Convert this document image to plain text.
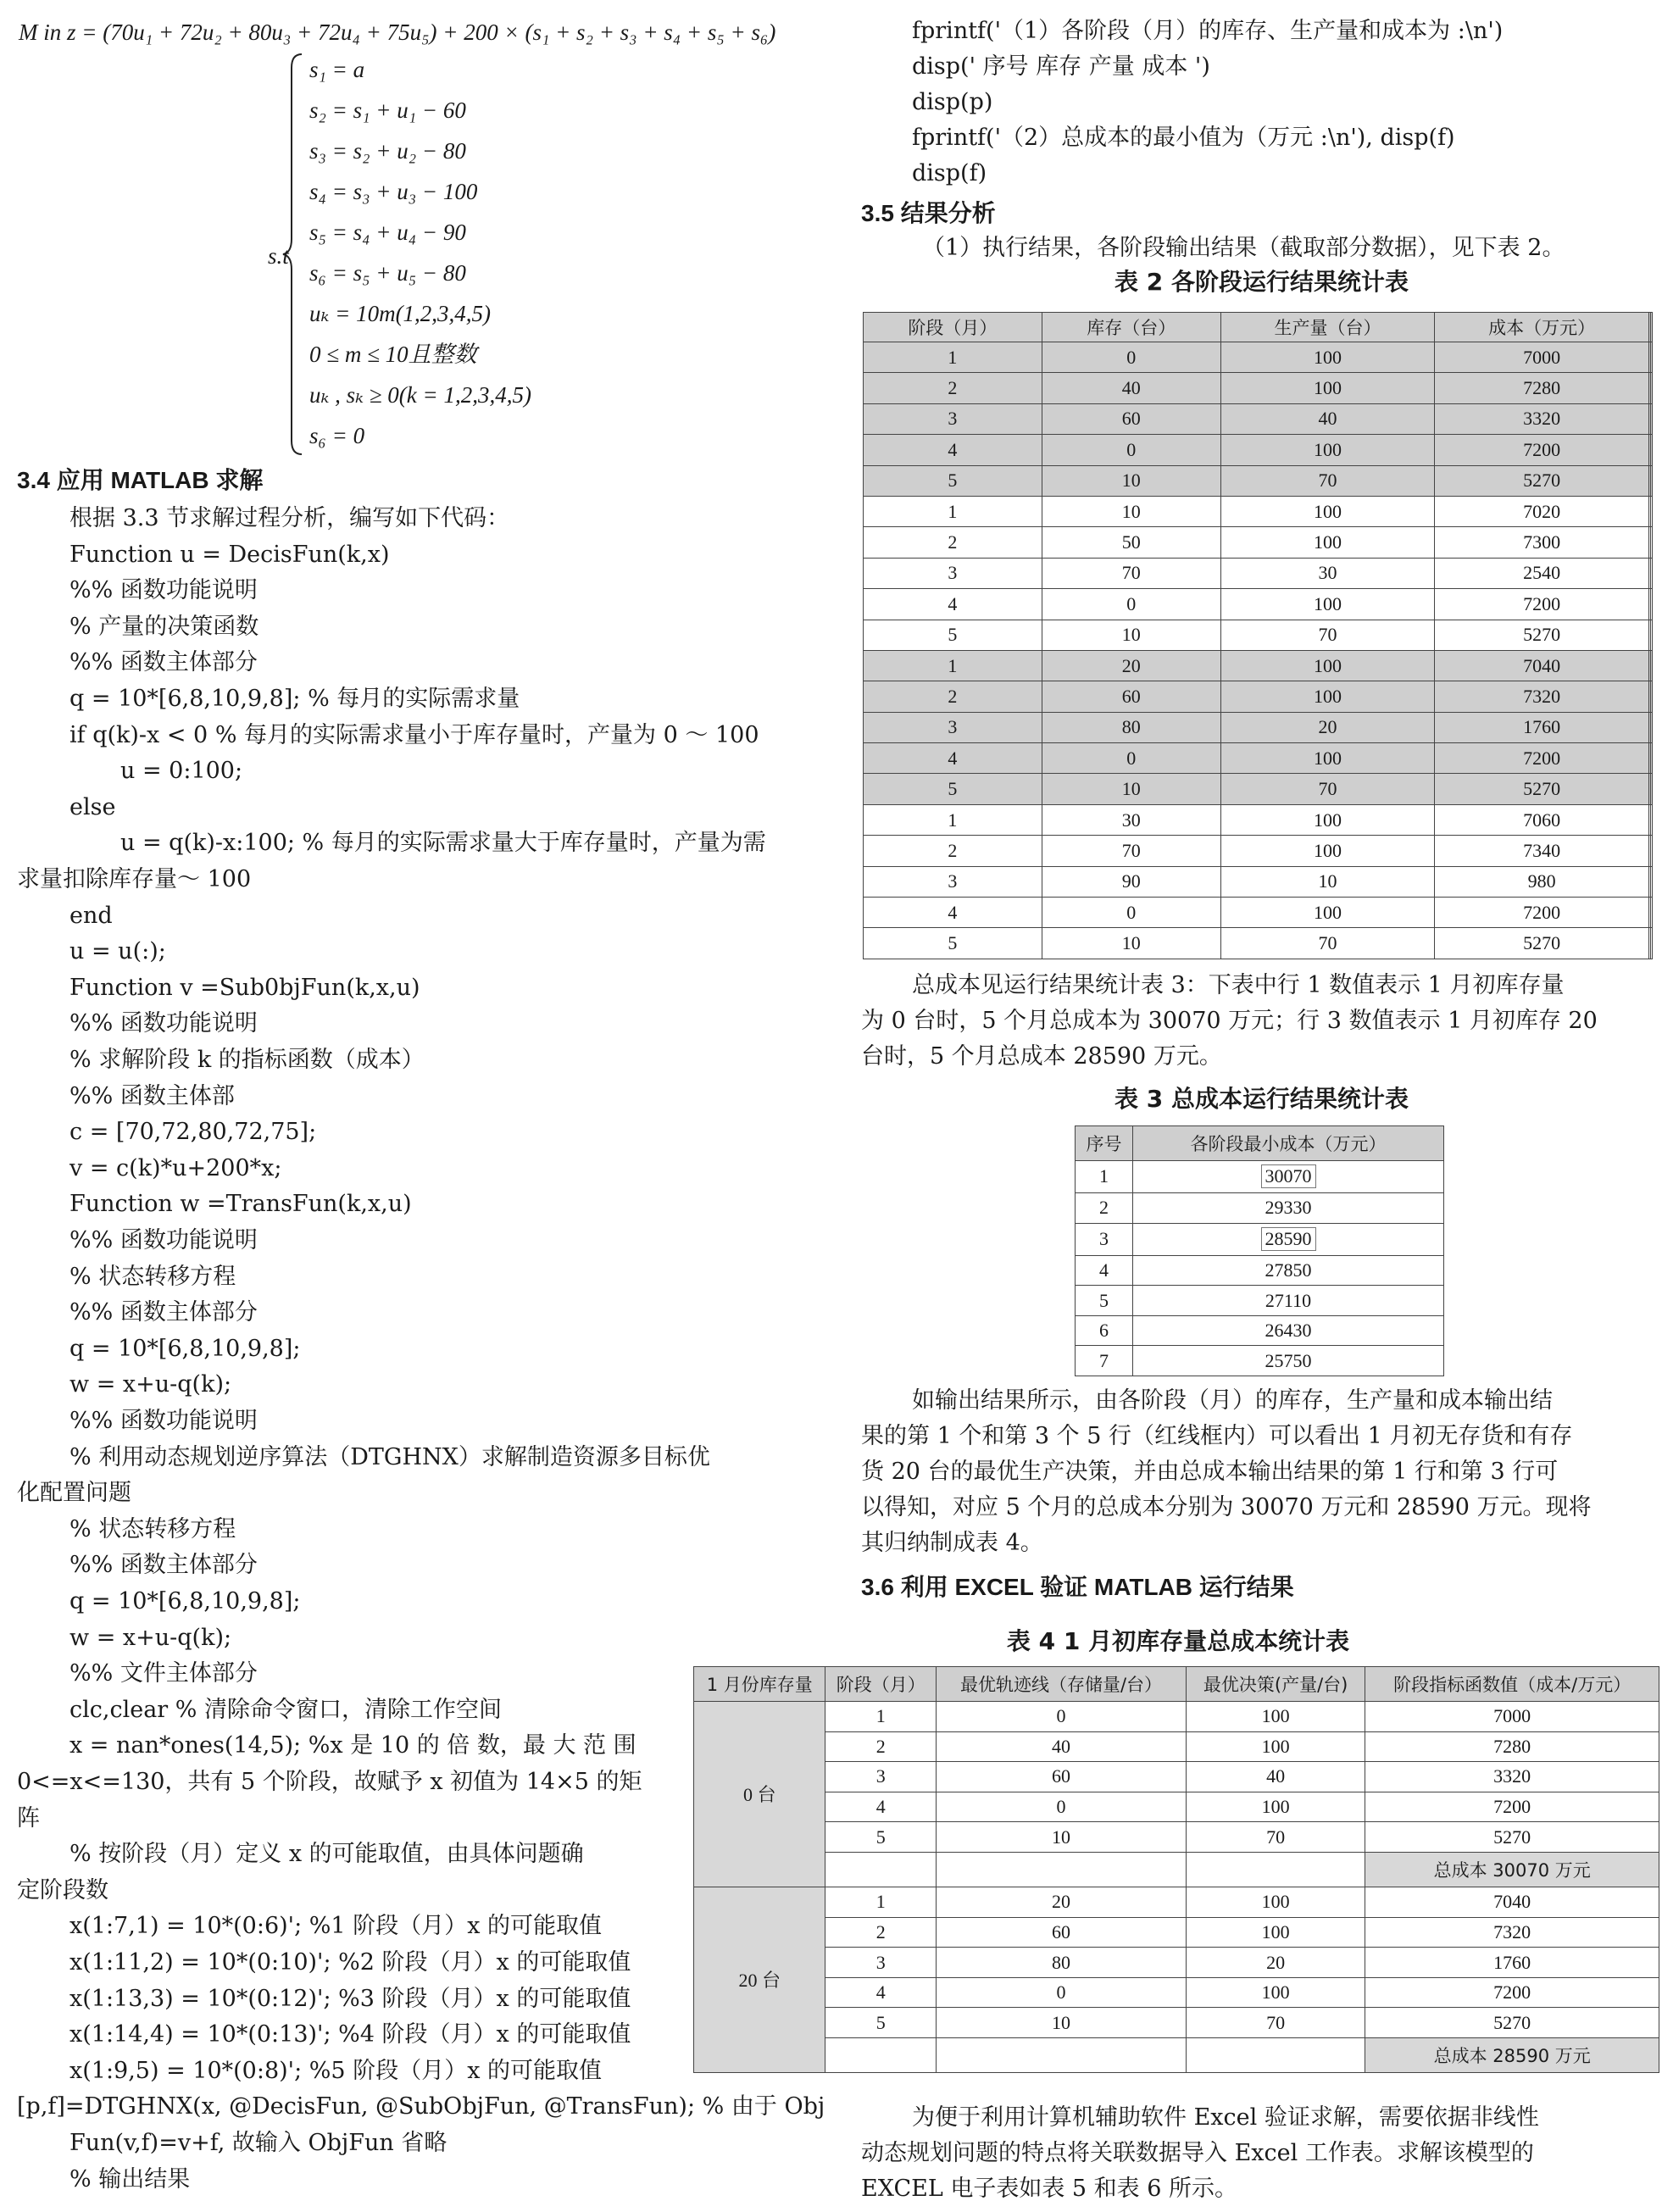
M in z = (70u₁ + 72u₂ + 80u₃ + 72u₄ + 75u₅) + 200 × (s₁ + s₂ + s₃ + s₄ + s₅ + s₆)
s.t
s₁ = a
s₂ = s₁ + u₁ − 60
s₃ = s₂ + u₂ − 80
s₄ = s₃ + u₃ − 100
s₅ = s₄ + u₄ − 90
s₆ = s₅ + u₅ − 80
uₖ = 10m(1,2,3,4,5)
0 ≤ m ≤ 10且整数
uₖ , sₖ ≥ 0(k = 1,2,3,4,5)
s₆ = 0
3.4 应用 MATLAB 求解
根据 3.3 节求解过程分析，编写如下代码：
Function u = DecisFun(k,x)
%% 函数功能说明
% 产量的决策函数
%% 函数主体部分
q = 10*[6,8,10,9,8]; % 每月的实际需求量
if q(k)-x < 0 % 每月的实际需求量小于库存量时，产量为 0 ～ 100
u = 0:100;
else
u = q(k)-x:100; % 每月的实际需求量大于库存量时，产量为需
求量扣除库存量～ 100
end
u = u(:);
Function v =Sub0bjFun(k,x,u)
%% 函数功能说明
% 求解阶段 k 的指标函数（成本）
%% 函数主体部
c = [70,72,80,72,75];
v = c(k)*u+200*x;
Function w =TransFun(k,x,u)
%% 函数功能说明
% 状态转移方程
%% 函数主体部分
q = 10*[6,8,10,9,8];
w = x+u-q(k);
%% 函数功能说明
% 利用动态规划逆序算法（DTGHNX）求解制造资源多目标优
化配置问题
% 状态转移方程
%% 函数主体部分
q = 10*[6,8,10,9,8];
w = x+u-q(k);
%% 文件主体部分
clc,clear % 清除命令窗口，清除工作空间
x = nan*ones(14,5); %x 是 10 的 倍 数，最 大 范 围
0<=x<=130，共有 5 个阶段，故赋予 x 初值为 14×5 的矩
阵
% 按阶段（月）定义 x 的可能取值，由具体问题确
定阶段数
x(1:7,1) = 10*(0:6)'; %1 阶段（月）x 的可能取值
x(1:11,2) = 10*(0:10)'; %2 阶段（月）x 的可能取值
x(1:13,3) = 10*(0:12)'; %3 阶段（月）x 的可能取值
x(1:14,4) = 10*(0:13)'; %4 阶段（月）x 的可能取值
x(1:9,5) = 10*(0:8)'; %5 阶段（月）x 的可能取值
[p,f]=DTGHNX(x, @DecisFun, @SubObjFun, @TransFun); % 由于 Obj
Fun(v,f)=v+f, 故输入 ObjFun 省略
% 输出结果
fprintf('（1）各阶段（月）的库存、生产量和成本为 :\n')
disp(' 序号 库存 产量 成本 ')
disp(p)
fprintf('（2）总成本的最小值为（万元 :\n'), disp(f)
disp(f)
3.5 结果分析
（1）执行结果，各阶段输出结果（截取部分数据），见下表 2。
表 2 各阶段运行结果统计表
阶段（月）	库存（台）	生产量（台）	成本（万元）		
1	0	100	7000		
2	40	100	7280		
3	60	40	3320		
4	0	100	7200		
5	10	70	5270		
1	10	100	7020		
2	50	100	7300		
3	70	30	2540		
4	0	100	7200		
5	10	70	5270		
1	20	100	7040		
2	60	100	7320		
3	80	20	1760		
4	0	100	7200		
5	10	70	5270		
1	30	100	7060		
2	70	100	7340		
3	90	10	980		
4	0	100	7200		
5	10	70	5270		
总成本见运行结果统计表 3：下表中行 1 数值表示 1 月初库存量
为 0 台时，5 个月总成本为 30070 万元；行 3 数值表示 1 月初库存 20
台时，5 个月总成本 28590 万元。
表 3 总成本运行结果统计表
序号	各阶段最小成本（万元）
1	30070
2	29330
3	28590
4	27850
5	27110
6	26430
7	25750
如输出结果所示，由各阶段（月）的库存，生产量和成本输出结
果的第 1 个和第 3 个 5 行（红线框内）可以看出 1 月初无存货和有存
货 20 台的最优生产决策，并由总成本输出结果的第 1 行和第 3 行可
以得知，对应 5 个月的总成本分别为 30070 万元和 28590 万元。现将
其归纳制成表 4。
3.6 利用 EXCEL 验证 MATLAB 运行结果
表 4 1 月初库存量总成本统计表
1 月份库存量	阶段（月）	最优轨迹线（存储量/台）	最优决策(产量/台)	阶段指标函数值（成本/万元）
0 台	1	0	100	7000
	2	40	100	7280
	3	60	40	3320
	4	0	100	7200
	5	10	70	5270
				总成本 30070 万元
20 台	1	20	100	7040
	2	60	100	7320
	3	80	20	1760
	4	0	100	7200
	5	10	70	5270
				总成本 28590 万元
为便于利用计算机辅助软件 Excel 验证求解，需要依据非线性
动态规划问题的特点将关联数据导入 Excel 工作表。求解该模型的
EXCEL 电子表如表 5 和表 6 所示。
